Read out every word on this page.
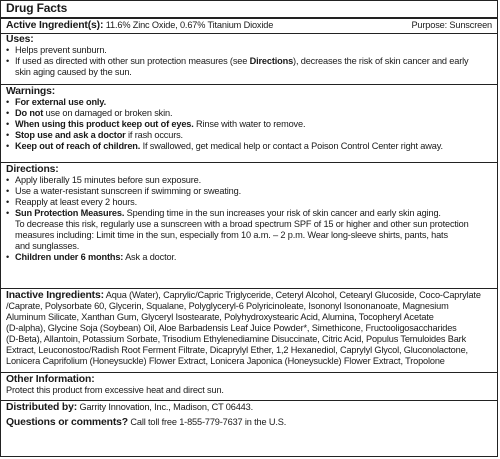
Drug Facts
Active Ingredient(s): 11.6% Zinc Oxide, 0.67% Titanium Dioxide	Purpose: Sunscreen
Uses:
• Helps prevent sunburn.
• If used as directed with other sun protection measures (see Directions), decreases the risk of skin cancer and early
skin aging caused by the sun.
Warnings:
• For external use only.
• Do not use on damaged or broken skin.
• When using this product keep out of eyes. Rinse with water to remove.
• Stop use and ask a doctor if rash occurs.
• Keep out of reach of children. If swallowed, get medical help or contact a Poison Control Center right away.
Directions:
• Apply liberally 15 minutes before sun exposure.
• Use a water-resistant sunscreen if swimming or sweating.
• Reapply at least every 2 hours.
• Sun Protection Measures. Spending time in the sun increases your risk of skin cancer and early skin aging.
To decrease this risk, regularly use a sunscreen with a broad spectrum SPF of 15 or higher and other sun protection
measures including: Limit time in the sun, especially from 10 a.m. – 2 p.m. Wear long-sleeve shirts, pants, hats
and sunglasses.
• Children under 6 months: Ask a doctor.
Inactive Ingredients: Aqua (Water), Caprylic/Capric Triglyceride, Ceteryl Alcohol, Cetearyl Glucoside, Coco-Caprylate
/Caprate, Polysorbate 60, Glycerin, Squalane, Polyglyceryl-6 Polyricinoleate, Isononyl Isononanoate, Magnesium
Aluminum Silicate, Xanthan Gum, Glyceryl Isostearate, Polyhydroxystearic Acid, Alumina, Tocopheryl Acetate
(D-alpha), Glycine Soja (Soybean) Oil, Aloe Barbadensis Leaf Juice Powder*, Simethicone, Fructooligosaccharides
(D-Beta), Allantoin, Potassium Sorbate, Trisodium Ethylenediamine Disuccinate, Citric Acid, Populus Temuloides Bark
Extract, Leuconostoc/Radish Root Ferment Filtrate, Dicaprylyl Ether, 1,2 Hexanediol, Caprylyl Glycol, Gluconolactone,
Lonicera Caprifolium (Honeysuckle) Flower Extract, Lonicera Japonica (Honeysuckle) Flower Extract, Tropolone
Other Information:
Protect this product from excessive heat and direct sun.
Distributed by: Garrity Innovation, Inc., Madison, CT 06443.
Questions or comments? Call toll free 1-855-779-7637 in the U.S.
